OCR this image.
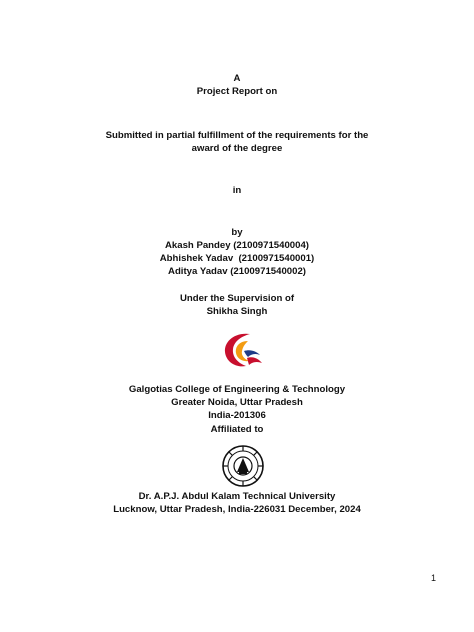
A
Project Report on
Submitted in partial fulfillment of the requirements for the
award of the degree
in
by
Akash Pandey (2100971540004)
Abhishek Yadav  (2100971540001)
Aditya Yadav (2100971540002)
Under the Supervision of
Shikha Singh
Galgotias College of Engineering & Technology
Greater Noida, Uttar Pradesh
India-201306
Affiliated to
Dr. A.P.J. Abdul Kalam Technical University
Lucknow, Uttar Pradesh, India-226031 December, 2024
1
